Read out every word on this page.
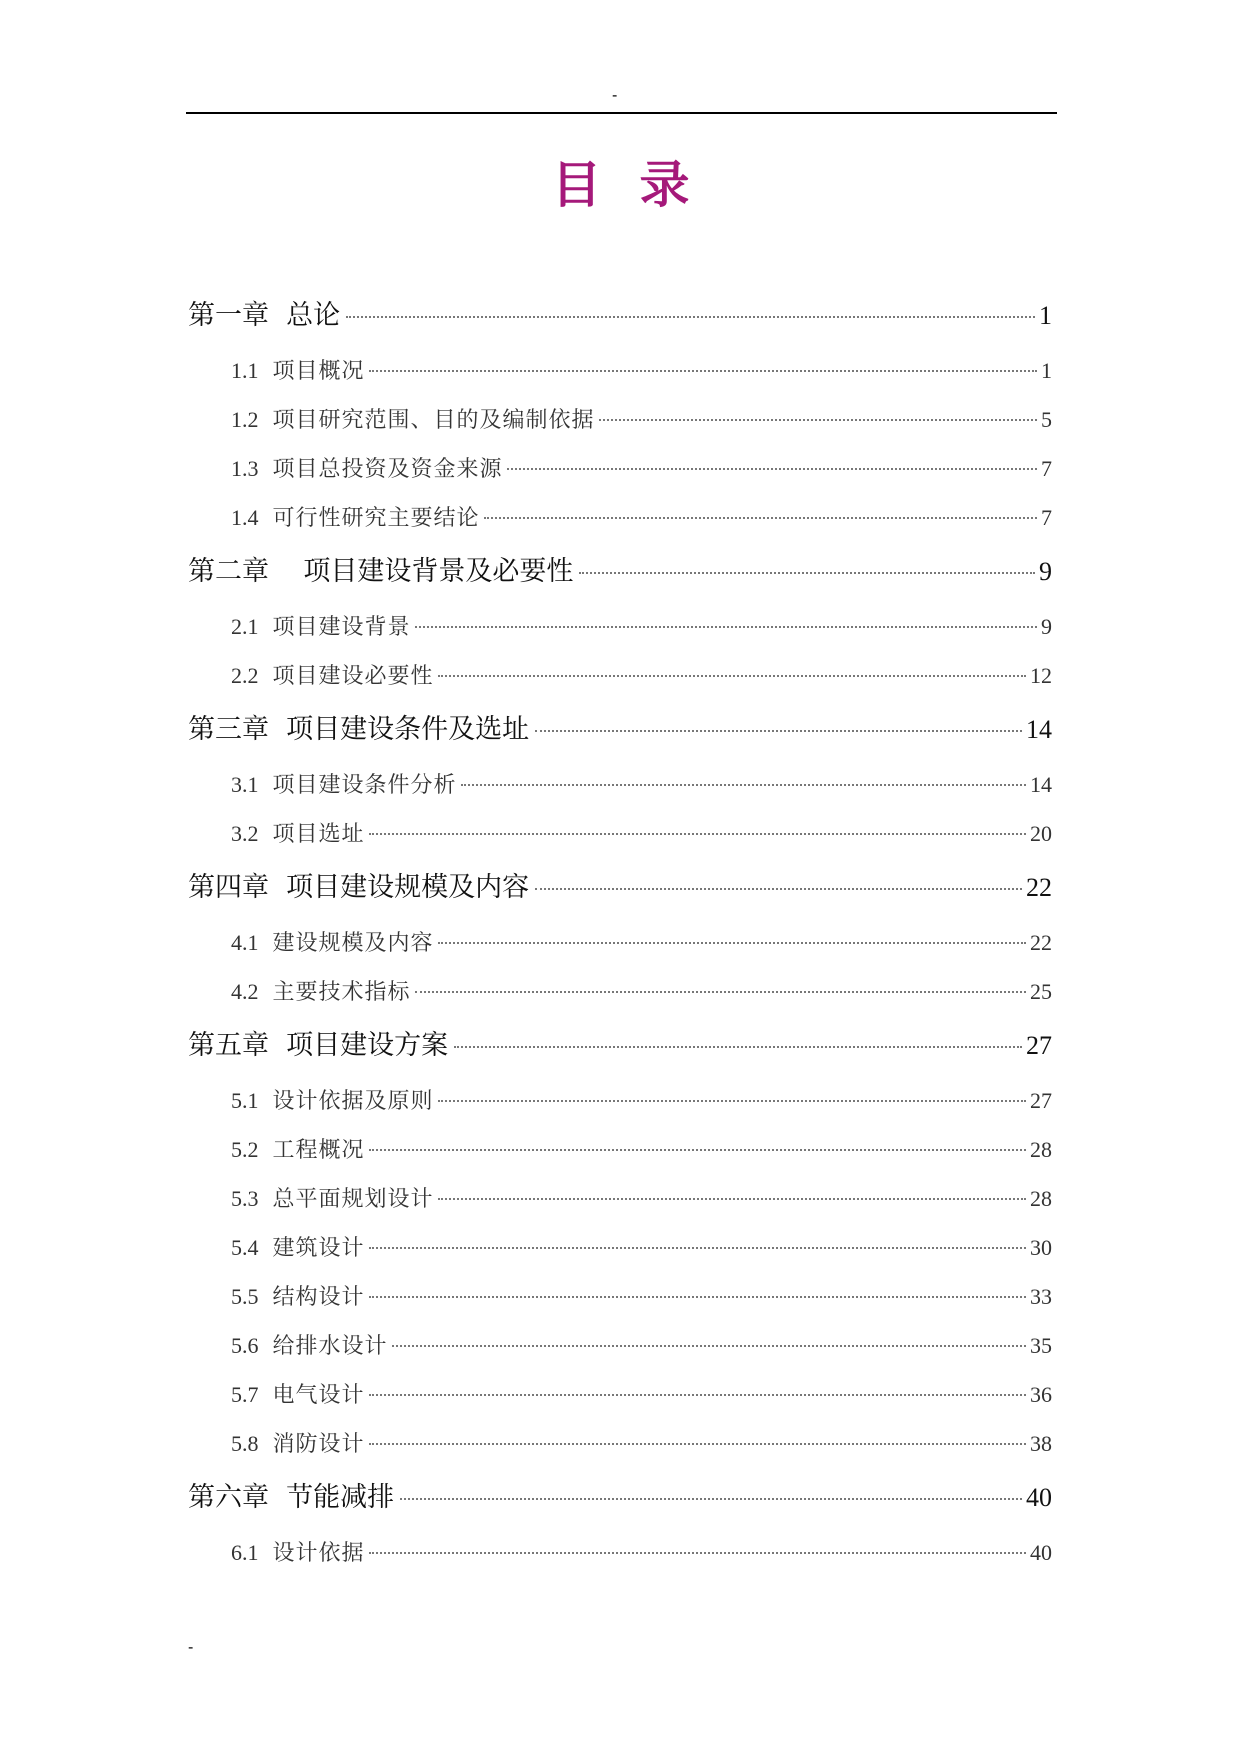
-
目录
第一章  总论	1
1.1 项目概况	1
1.2 项目研究范围、目的及编制依据	5
1.3 项目总投资及资金来源	7
1.4 可行性研究主要结论	7
第二章    项目建设背景及必要性	9
2.1 项目建设背景	9
2.2 项目建设必要性	12
第三章  项目建设条件及选址	14
3.1 项目建设条件分析	14
3.2 项目选址	20
第四章  项目建设规模及内容	22
4.1 建设规模及内容	22
4.2 主要技术指标	25
第五章  项目建设方案	27
5.1 设计依据及原则	27
5.2 工程概况	28
5.3 总平面规划设计	28
5.4 建筑设计	30
5.5 结构设计	33
5.6 给排水设计	35
5.7 电气设计	36
5.8 消防设计	38
第六章  节能减排	40
6.1 设计依据	40
-
